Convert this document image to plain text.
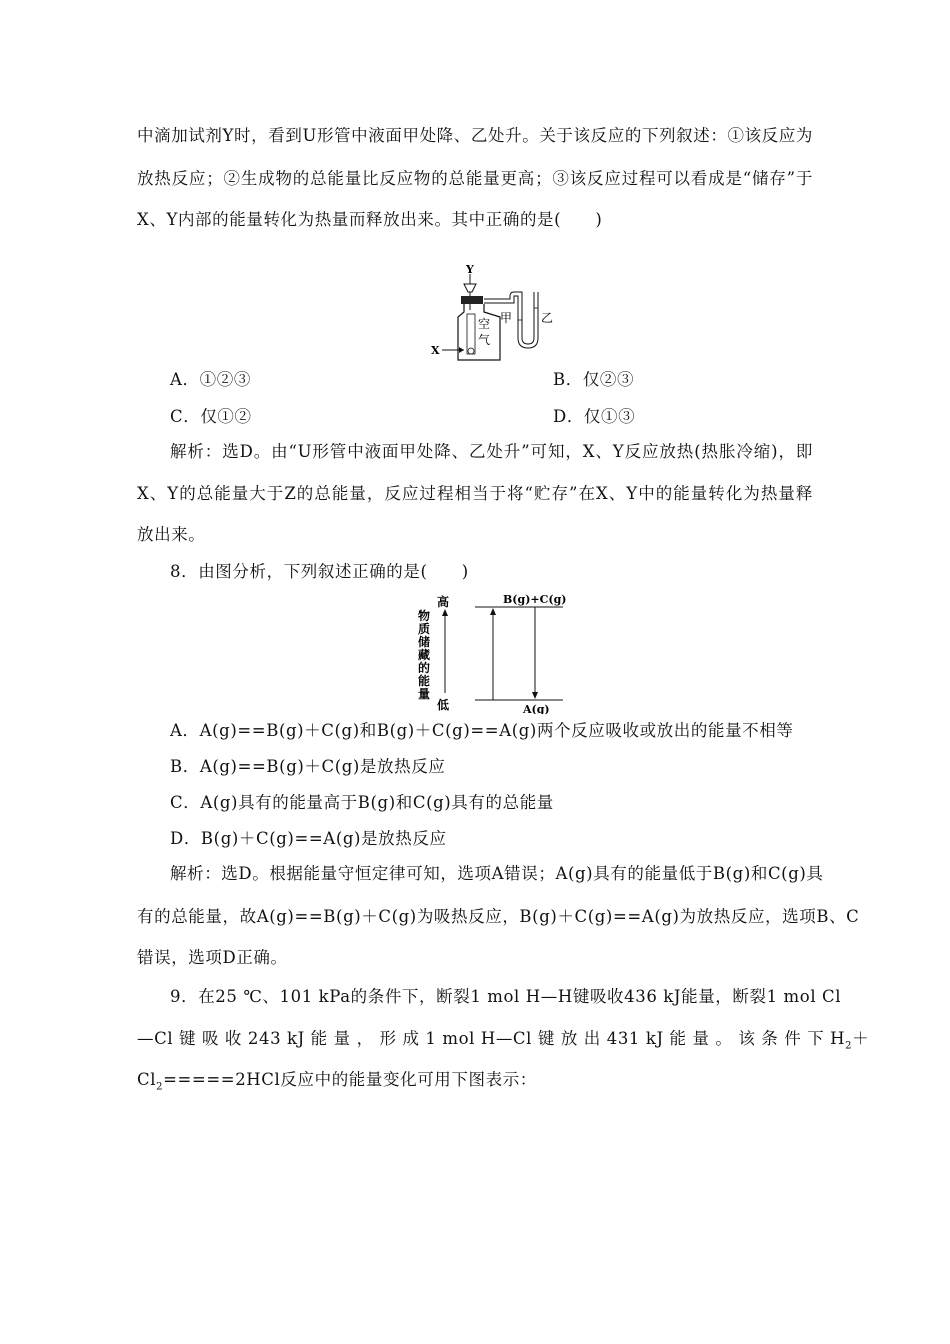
中滴加试剂Y时，看到U形管中液面甲处降、乙处升。关于该反应的下列叙述：①该反应为
放热反应；②生成物的总能量比反应物的总能量更高；③该反应过程可以看成是“储存”于
X、Y内部的能量转化为热量而释放出来。其中正确的是(　　)
Y
空
气
X
甲 乙
A．①②③	B．仅②③
C．仅①②	D．仅①③
解析：选D。由“U形管中液面甲处降、乙处升”可知，X、Y反应放热(热胀冷缩)，即
X、Y的总能量大于Z的总能量，反应过程相当于将“贮存”在X、Y中的能量转化为热量释
放出来。
8．由图分析，下列叙述正确的是(　　)
高
低
物
质
储
藏
的
能
量
B(g)+C(g)
A(g)
A．A(g)==B(g)＋C(g)和B(g)＋C(g)==A(g)两个反应吸收或放出的能量不相等
B．A(g)==B(g)＋C(g)是放热反应
C．A(g)具有的能量高于B(g)和C(g)具有的总能量
D．B(g)＋C(g)==A(g)是放热反应
解析：选D。根据能量守恒定律可知，选项A错误；A(g)具有的能量低于B(g)和C(g)具
有的总能量，故A(g)==B(g)＋C(g)为吸热反应，B(g)＋C(g)==A(g)为放热反应，选项B、C
错误，选项D正确。
9．在25 ℃、101 kPa的条件下，断裂1 mol H—H键吸收436 kJ能量，断裂1 mol Cl
—Cl 键 吸 收 243 kJ 能 量 ， 形 成 1 mol H—Cl 键 放 出 431 kJ 能 量 。 该 条 件 下 $H_2+$
$Cl_2=====2HCl$反应中的能量变化可用下图表示：
